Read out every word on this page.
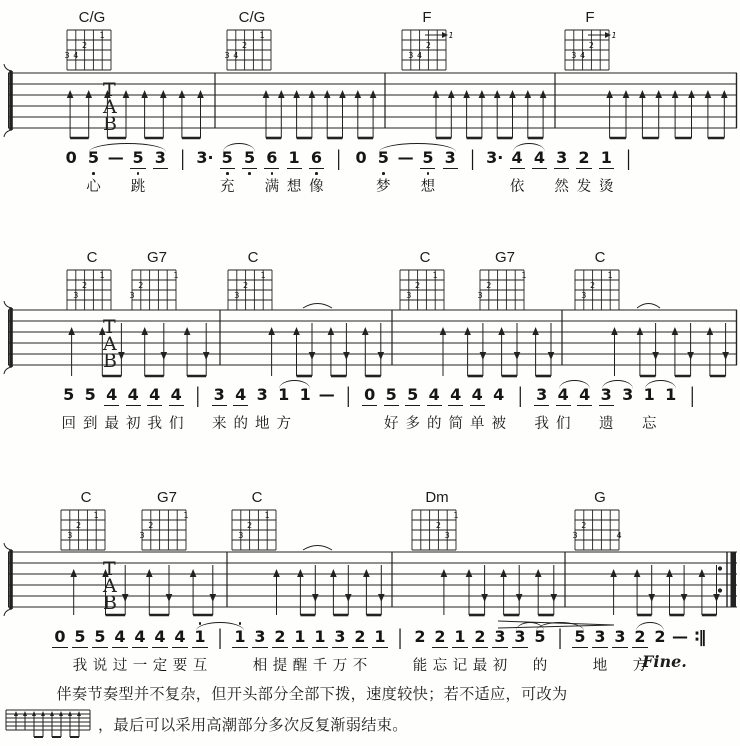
C/G
3 4
2
1
C/G
3 4
2
1
F
3 4
2
1
F
3 4
2
1
T
A
B
0 5
心
— 5
跳
3 | 3· 5
充
5 6
满
1
想
6
像
| 0 5
梦
— 5
想
3 | 3· 4
依
4 3
然
2
发
1
烫
|
C
3
2
1
G7
3
2
1
C
3
2
1
C
3
2
1
G7
3
2
1
C
3
2
1
T
A
B
5
回
5
到
4
最
4
初
4
我
4
们
| 3
来
4
的
3
地
1
方
1 — | 0 5
好
5
多
4
的
4
简
4
单
4
被
| 3
我
4
们
4 3
遗
3 1
忘
1 |
C
3
2
1
G7
3
2
1
C
3
2
1
Dm
2
3
1
G
3
2
4
T
A
B
0 5
我
5
说
4
过
4
一
4
定
4
要
1
互
| 1 3
相
2
提
1
醒
1
千
3
万
2
不
1 | 2
能
2
忘
1
记
2
最
3
初
3 5
的
| 5 3
地
3 2
方
2 — ∶‖
Fine.
伴奏节奏型并不复杂，但开头部分全部下拨，速度较快；若不适应，可改为
，最后可以采用高潮部分多次反复渐弱结束。
